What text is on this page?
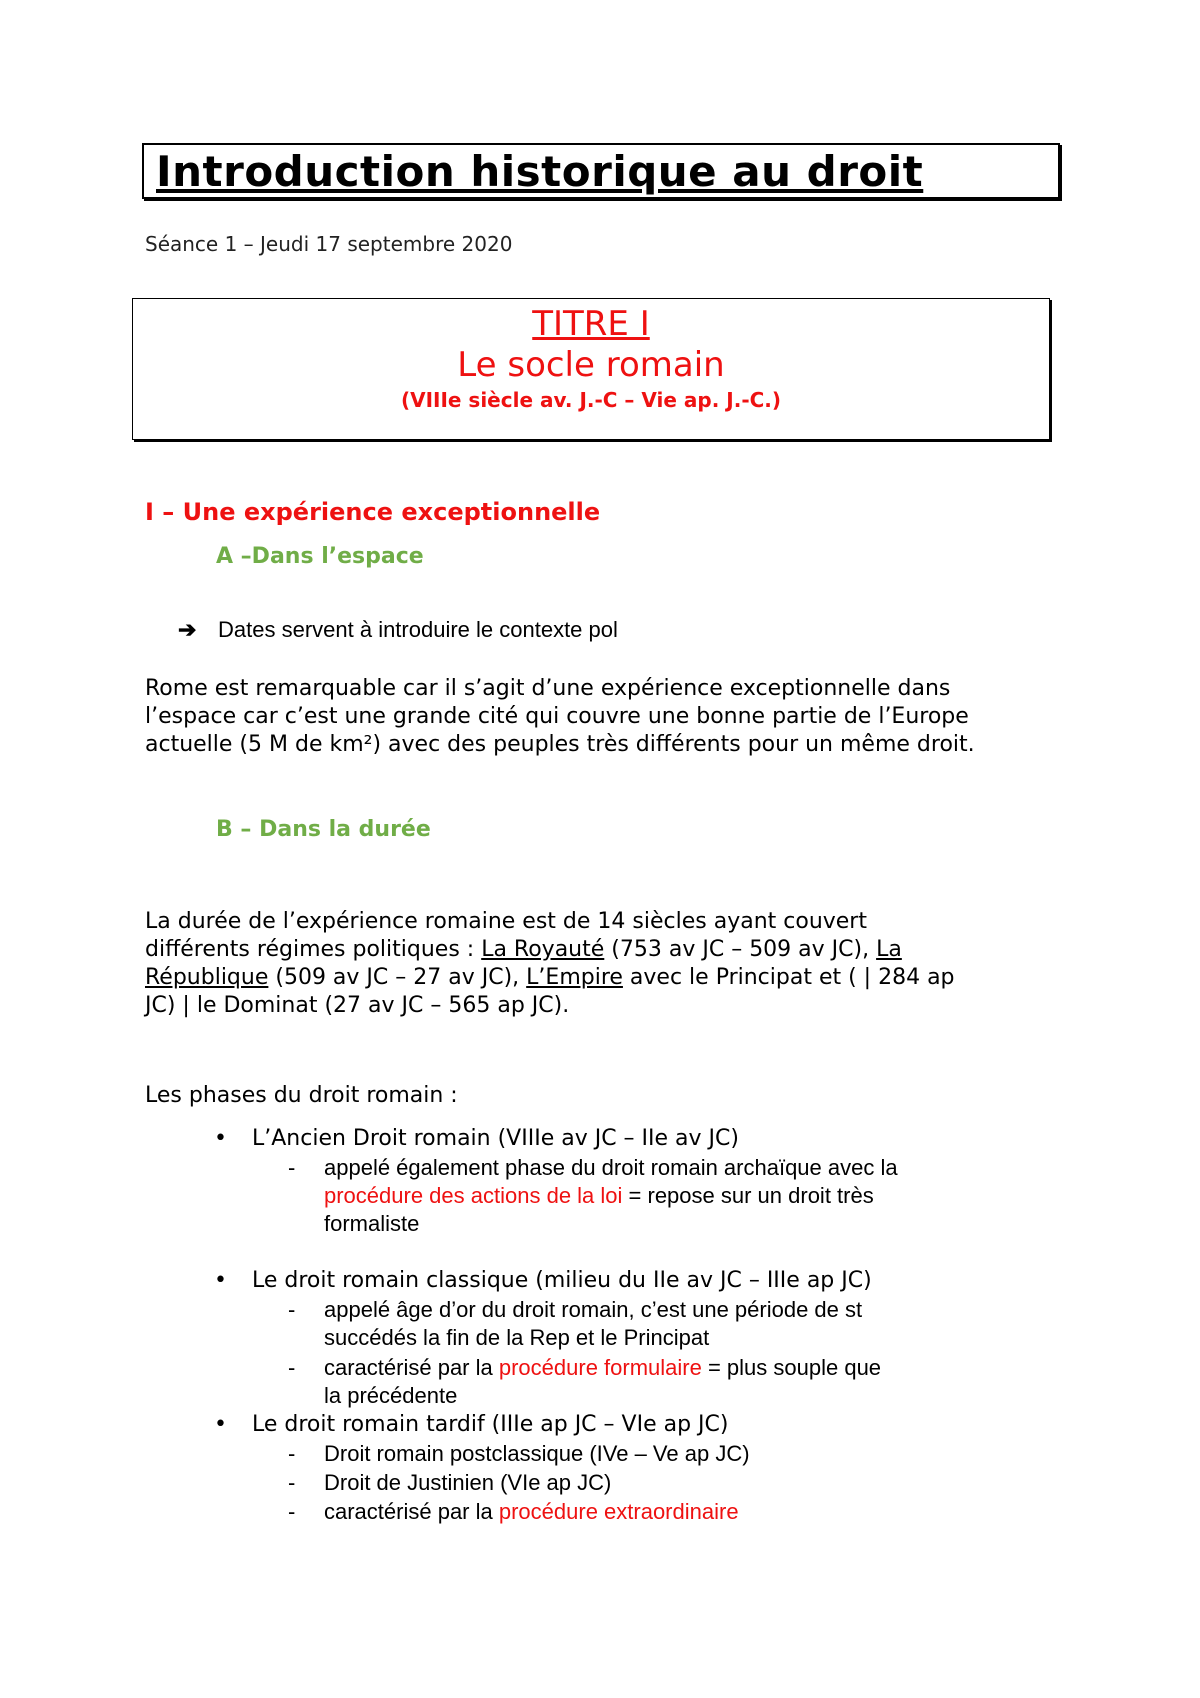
Introduction historique au droit
Séance 1 – Jeudi 17 septembre 2020
TITRE I
Le socle romain
(VIIIe siècle av. J.-C – Vie ap. J.-C.)
I – Une expérience exceptionnelle
A –Dans l’espace
➔ Dates servent à introduire le contexte pol
Rome est remarquable car il s’agit d’une expérience exceptionnelle dans
l’espace car c’est une grande cité qui couvre une bonne partie de l’Europe
actuelle (5 M de km²) avec des peuples très différents pour un même droit.
B – Dans la durée
La durée de l’expérience romaine est de 14 siècles ayant couvert
différents régimes politiques : La Royauté (753 av JC – 509 av JC), La
République (509 av JC – 27 av JC), L’Empire avec le Principat et ( | 284 ap
JC) | le Dominat (27 av JC – 565 ap JC).
Les phases du droit romain :
•	L’Ancien Droit romain (VIIIe av JC – IIe av JC)
- appelé également phase du droit romain archaïque avec la
procédure des actions de la loi = repose sur un droit très
formaliste
•	Le droit romain classique (milieu du IIe av JC – IIIe ap JC)
- appelé âge d’or du droit romain, c’est une période de st
succédés la fin de la Rep et le Principat
- caractérisé par la procédure formulaire = plus souple que
la précédente
•	Le droit romain tardif (IIIe ap JC – VIe ap JC)
- Droit romain postclassique (IVe – Ve ap JC)
- Droit de Justinien (VIe ap JC)
- caractérisé par la procédure extraordinaire
